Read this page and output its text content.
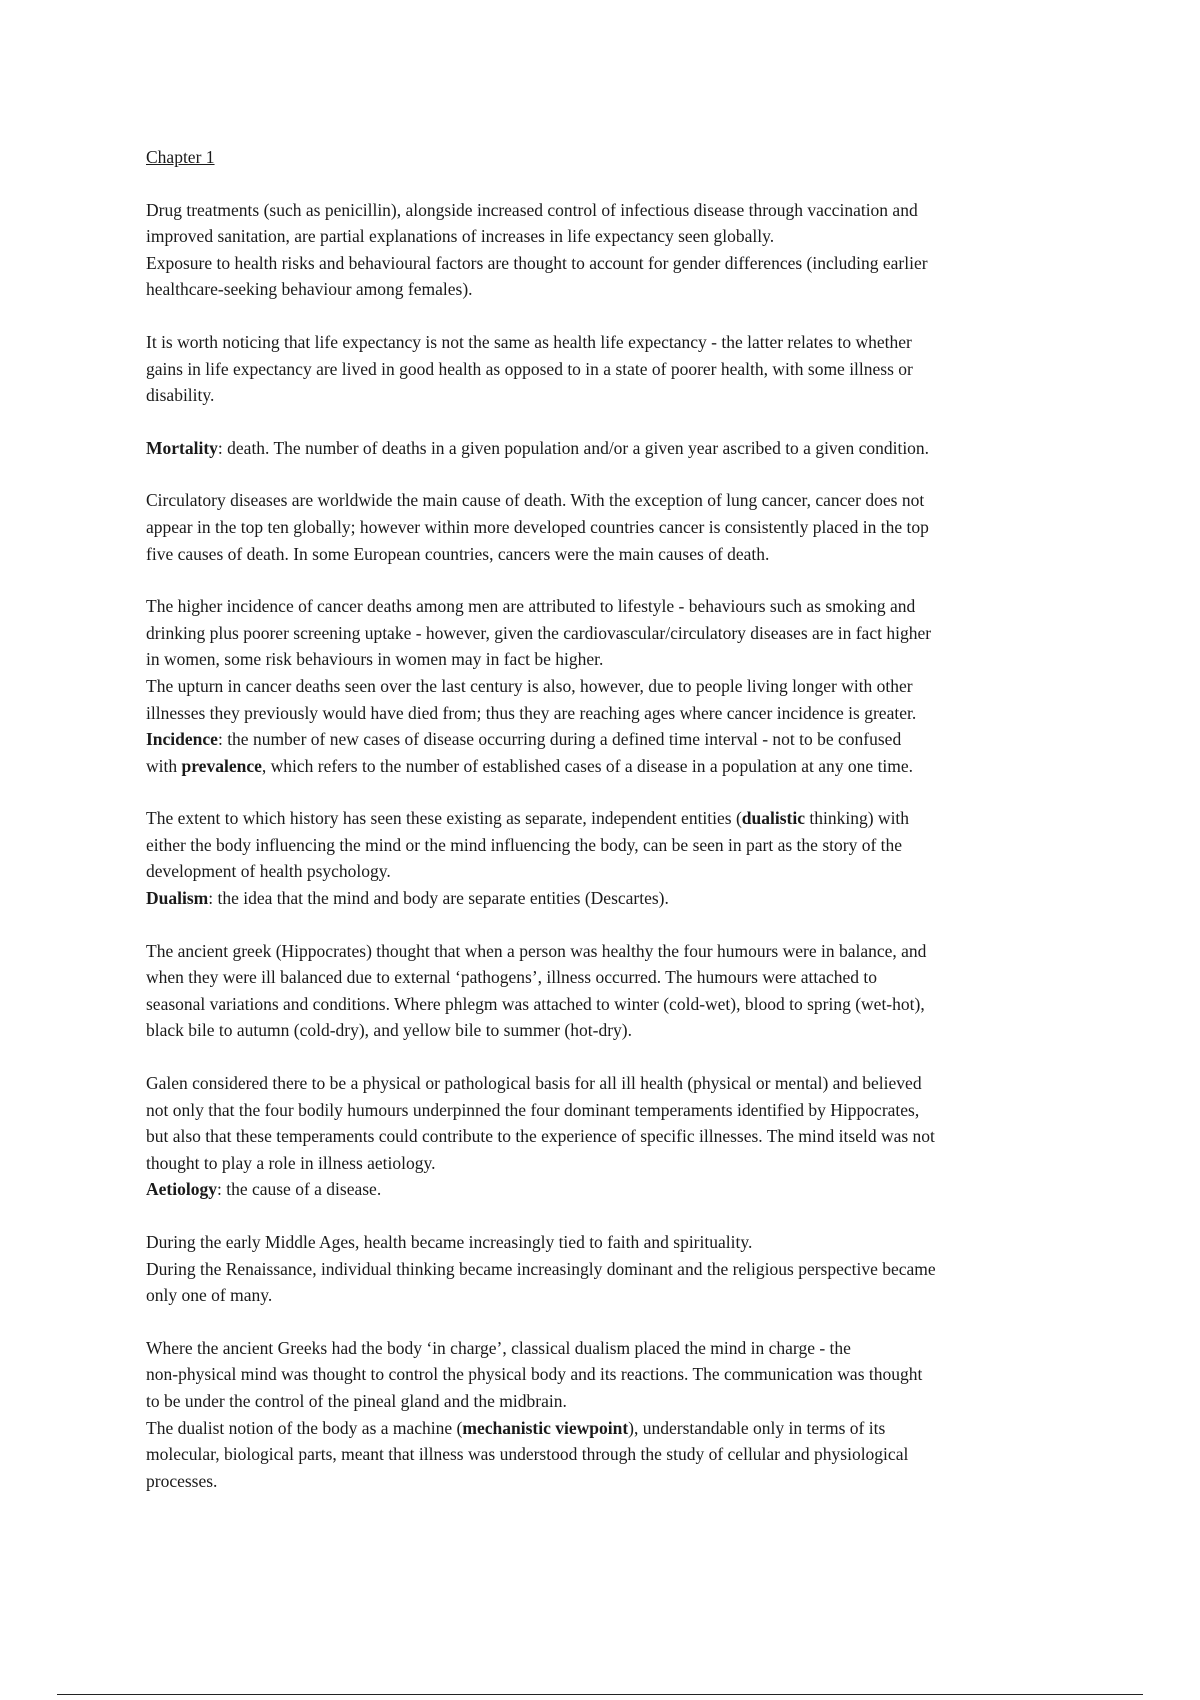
Chapter 1
Drug treatments (such as penicillin), alongside increased control of infectious disease through vaccination and
improved sanitation, are partial explanations of increases in life expectancy seen globally.
Exposure to health risks and behavioural factors are thought to account for gender differences (including earlier
healthcare-seeking behaviour among females).
It is worth noticing that life expectancy is not the same as health life expectancy - the latter relates to whether
gains in life expectancy are lived in good health as opposed to in a state of poorer health, with some illness or
disability.
Mortality: death. The number of deaths in a given population and/or a given year ascribed to a given condition.
Circulatory diseases are worldwide the main cause of death. With the exception of lung cancer, cancer does not
appear in the top ten globally; however within more developed countries cancer is consistently placed in the top
five causes of death. In some European countries, cancers were the main causes of death.
The higher incidence of cancer deaths among men are attributed to lifestyle - behaviours such as smoking and
drinking plus poorer screening uptake - however, given the cardiovascular/circulatory diseases are in fact higher
in women, some risk behaviours in women may in fact be higher.
The upturn in cancer deaths seen over the last century is also, however, due to people living longer with other
illnesses they previously would have died from; thus they are reaching ages where cancer incidence is greater.
Incidence: the number of new cases of disease occurring during a defined time interval - not to be confused
with prevalence, which refers to the number of established cases of a disease in a population at any one time.
The extent to which history has seen these existing as separate, independent entities (dualistic thinking) with
either the body influencing the mind or the mind influencing the body, can be seen in part as the story of the
development of health psychology.
Dualism: the idea that the mind and body are separate entities (Descartes).
The ancient greek (Hippocrates) thought that when a person was healthy the four humours were in balance, and
when they were ill balanced due to external ‘pathogens’, illness occurred. The humours were attached to
seasonal variations and conditions. Where phlegm was attached to winter (cold-wet), blood to spring (wet-hot),
black bile to autumn (cold-dry), and yellow bile to summer (hot-dry).
Galen considered there to be a physical or pathological basis for all ill health (physical or mental) and believed
not only that the four bodily humours underpinned the four dominant temperaments identified by Hippocrates,
but also that these temperaments could contribute to the experience of specific illnesses. The mind itseld was not
thought to play a role in illness aetiology.
Aetiology: the cause of a disease.
During the early Middle Ages, health became increasingly tied to faith and spirituality.
During the Renaissance, individual thinking became increasingly dominant and the religious perspective became
only one of many.
Where the ancient Greeks had the body ‘in charge’, classical dualism placed the mind in charge - the
non-physical mind was thought to control the physical body and its reactions. The communication was thought
to be under the control of the pineal gland and the midbrain.
The dualist notion of the body as a machine (mechanistic viewpoint), understandable only in terms of its
molecular, biological parts, meant that illness was understood through the study of cellular and physiological
processes.
